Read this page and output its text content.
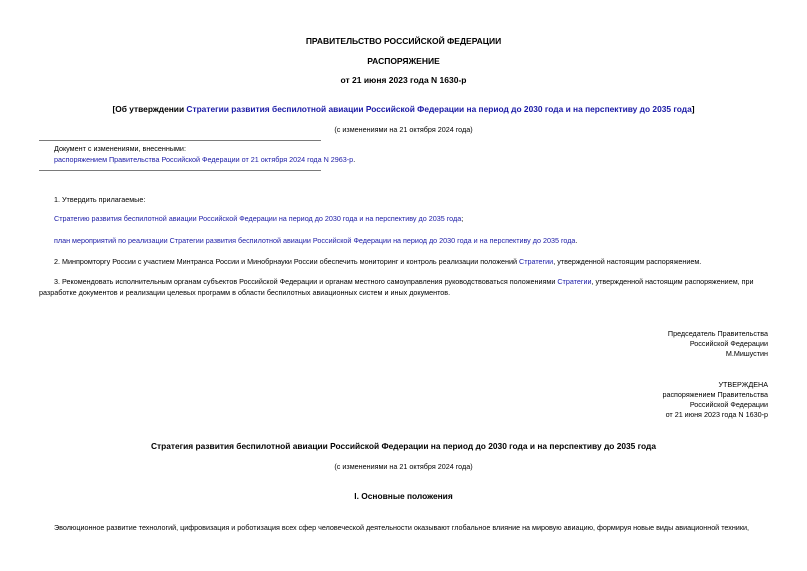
ПРАВИТЕЛЬСТВО РОССИЙСКОЙ ФЕДЕРАЦИИ
РАСПОРЯЖЕНИЕ
от 21 июня 2023 года N 1630-р
[Об утверждении Стратегии развития беспилотной авиации Российской Федерации на период до 2030 года и на перспективу до 2035 года]
(с изменениями на 21 октября 2024 года)
Документ с изменениями, внесенными:
распоряжением Правительства Российской Федерации от 21 октября 2024 года N 2963-р.
1. Утвердить прилагаемые:
Стратегию развития беспилотной авиации Российской Федерации на период до 2030 года и на перспективу до 2035 года;
план мероприятий по реализации Стратегии развития беспилотной авиации Российской Федерации на период до 2030 года и на перспективу до 2035 года.
2. Минпромторгу России с участием Минтранса России и Минобрнауки России обеспечить мониторинг и контроль реализации положений Стратегии, утвержденной настоящим распоряжением.
3. Рекомендовать исполнительным органам субъектов Российской Федерации и органам местного самоуправления руководствоваться положениями Стратегии, утвержденной настоящим распоряжением, при
разработке документов и реализации целевых программ в области беспилотных авиационных систем и иных документов.
Председатель Правительства
Российской Федерации
М.Мишустин
УТВЕРЖДЕНА
распоряжением Правительства
Российской Федерации
от 21 июня 2023 года N 1630-р
Стратегия развития беспилотной авиации Российской Федерации на период до 2030 года и на перспективу до 2035 года
(с изменениями на 21 октября 2024 года)
I. Основные положения
Эволюционное развитие технологий, цифровизация и роботизация всех сфер человеческой деятельности оказывают глобальное влияние на мировую авиацию, формируя новые виды авиационной техники,
